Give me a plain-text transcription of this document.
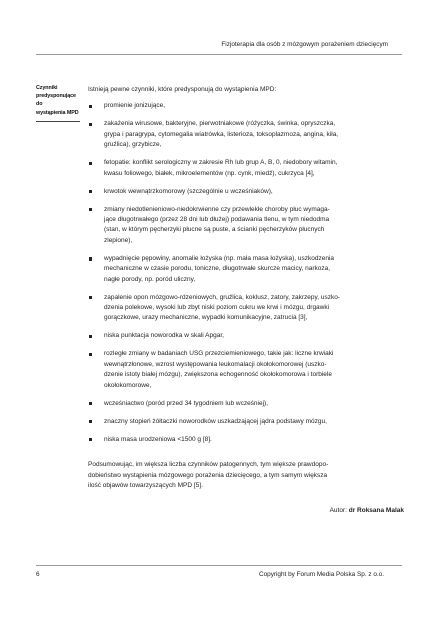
Fizjoterapia dla osób z mózgowym porażeniem dziecięcym
Czynniki
predysponujące do
wystąpienia MPD

Istnieją pewne czynniki, które predysponują do wystąpienia MPD:

promienie jonizujące,
zakażenia wirusowe, bakteryjne, pierwotniakowe (różyczka, świnka, opryszczka,
grypa i paragrypa, cytomegalia wiatrówka, listerioza, toksoplazmoza, angina, kiła,
gruźlica), grzybicze,
fetopatie: konflikt serologiczny w zakresie Rh lub grup A, B, 0, niedobory witamin,
kwasu foliowego, białek, mikroelementów (np. cynk, miedź), cukrzyca [4],
krwotok wewnątrzkomorowy (szczególnie u wcześniaków),
zmiany niedotlenieniowo-niedokrwienne czy przewlekłe choroby płuc wymaga-
jące długotrwałego (przez 28 dni lub dłużej) podawania tlenu, w tym niedodma
(stan, w którym pęcherzyki płucne są puste, a ścianki pęcherzyków płucnych
zlepione),
wypadnięcie pępowiny, anomalie łożyska (np. mała masa łożyska), uszkodzenia
mechaniczne w czasie porodu, toniczne, długotrwałe skurcze macicy, narkoza,
nagłe porody, np. poród uliczny,
zapalenie opon mózgowo-rdzeniowych, gruźlica, koklusz, zatory, zakrzepy, uszko-
dzenia polekowe, wysoki lub zbyt niski poziom cukru we krwi i mózgu, drgawki
gorączkowe, urazy mechaniczne, wypadki komunikacyjne, zatrucia [3],
niska punktacja noworodka w skali Apgar,
rozległe zmiany w badaniach USG przezciemieniowego, takie jak: liczne krwiaki
wewnątrzłonowe, wzrost występowania leukomalacji okołokomorowej (uszko-
dzenie istoty białej mózgu), zwiększona echogenność okołokomorowa i torbiele
okołokomorowe,
wcześniactwo (poród przed 34 tygodniem lub wcześniej),
znaczny stopień żółtaczki noworodków uszkadzającej jądra podstawy mózgu,
niska masa urodzeniowa <1500 g [8].
Podsumowując, im większa liczba czynników patogennych, tym większe prawdopo-
dobieństwo wystąpienia mózgowego porażenia dziecięcego, a tym samym większa
ilość objawów towarzyszących MPD [5].
Autor: dr Roksana Malak
6	Copyright by Forum Media Polska Sp. z o.o.
